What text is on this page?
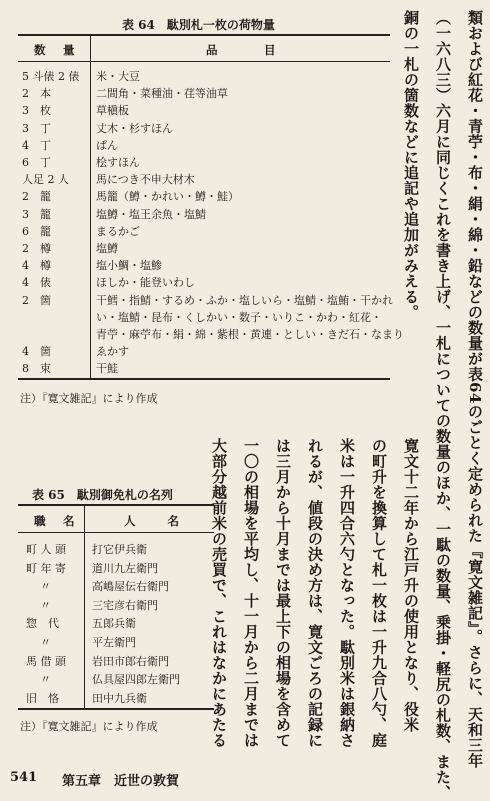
表 64　駄別札一枚の荷物量
数　量	品　　　目
5 斗俵 2 俵 米・大豆
2　本	二間角・菜種油・荏等油草
3　枚	草槇板
3　丁	丈木・杉すほん
4　丁	ぱん
6　丁	桧すほん
人足 2 人 馬につき不申大材木
2　籠	馬籠（鱒・かれい・鱒・鮭）
3　籠	塩鱒・塩王余魚・塩鯖
6　籠	まるかご
2　樽	塩鱒
4　樽	塩小鯛・塩鯵
4　俵	ほしか・能登いわし
2　箇	干鱈・指鯖・するめ・ふか・塩しいら・塩鯖・塩鮪・干かれ
い・塩鯖・昆布・くしかい・数子・いりこ・かわ・紅花・
青苧・麻苧布・絹・綿・紫根・黄連・としい・きだ石・なまり
4　箇	ゑかす
8　束	干鮭
注）『寛文雑記』により作成
表 65　駄別御免札の名列
職　名	人　　名
町 人 頭 打它伊兵衛
町 年 寄 道川九左衛門
〃	高嶋屋伝右衛門
〃	三宅彦右衛門
惣　代	五郎兵衛
〃	平左衛門
馬 借 頭 岩田市郎右衛門
〃	仏具屋四郎左衛門
旧　恪	田中九兵衛
注）『寛文雑記』により作成	類および紅花・青苧・布・絹・綿・鉛などの数量が表64のごとく定められた『寛文雑記』。さらに、天和三年
（一六八三）六月に同じくこれを書き上げ、一札についての数量のほか、一駄の数量、乗掛・軽尻の札数、また、
銅の一札の箇数などに追記や追加がみえる。
寛文十二年から江戸升の使用となり、役米
の町升を換算して札一枚は一升九合八勺、庭
米は一升四合六勺となった。駄別米は銀納さ
れるが、値段の決め方は、寛文ごろの記録に
は三月から十月までは最上下の相場を含めて
一〇の相場を平均し、十一月から二月までは
大部分越前米の売買で、これはなかにあたる
541 第五章　近世の敦賀
